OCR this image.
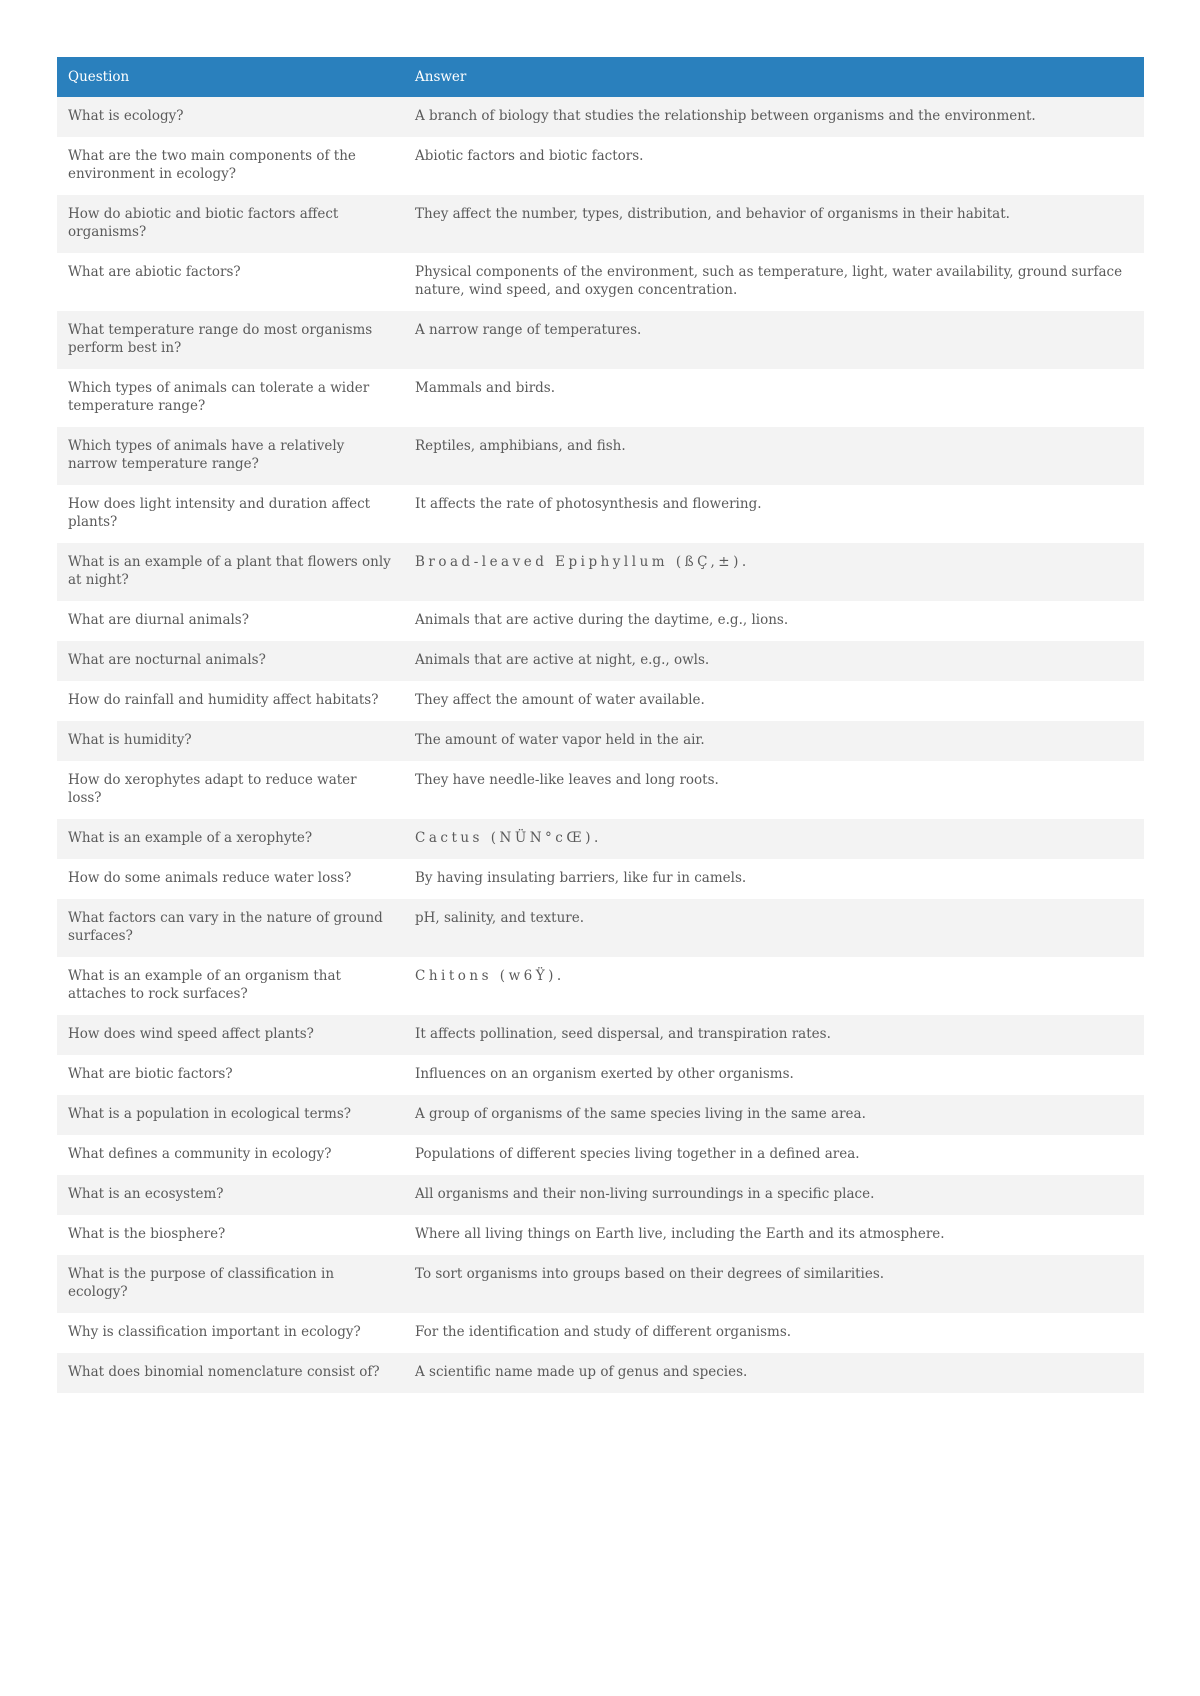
Question	Answer
What is ecology?	A branch of biology that studies the relationship between organisms and the environment.
What are the two main components of the environment in ecology?	Abiotic factors and biotic factors.
How do abiotic and biotic factors affect organisms?	They affect the number, types, distribution, and behavior of organisms in their habitat.
What are abiotic factors?	Physical components of the environment, such as temperature, light, water availability, ground surface nature, wind speed, and oxygen concentration.
What temperature range do most organisms perform best in?	A narrow range of temperatures.
Which types of animals can tolerate a wider temperature range?	Mammals and birds.
Which types of animals have a relatively narrow temperature range?	Reptiles, amphibians, and fish.
How does light intensity and duration affect plants?	It affects the rate of photosynthesis and flowering.
What is an example of a plant that flowers only at night?	Broad-leaved Epiphyllum (ßÇ,±).
What are diurnal animals?	Animals that are active during the daytime, e.g., lions.
What are nocturnal animals?	Animals that are active at night, e.g., owls.
How do rainfall and humidity affect habitats?	They affect the amount of water available.
What is humidity?	The amount of water vapor held in the air.
How do xerophytes adapt to reduce water loss?	They have needle-like leaves and long roots.
What is an example of a xerophyte?	Cactus (NÜN°cŒ).
How do some animals reduce water loss?	By having insulating barriers, like fur in camels.
What factors can vary in the nature of ground surfaces?	pH, salinity, and texture.
What is an example of an organism that attaches to rock surfaces?	Chitons (w6Ÿ).
How does wind speed affect plants?	It affects pollination, seed dispersal, and transpiration rates.
What are biotic factors?	Influences on an organism exerted by other organisms.
What is a population in ecological terms?	A group of organisms of the same species living in the same area.
What defines a community in ecology?	Populations of different species living together in a defined area.
What is an ecosystem?	All organisms and their non-living surroundings in a specific place.
What is the biosphere?	Where all living things on Earth live, including the Earth and its atmosphere.
What is the purpose of classification in ecology?	To sort organisms into groups based on their degrees of similarities.
Why is classification important in ecology?	For the identification and study of different organisms.
What does binomial nomenclature consist of?	A scientific name made up of genus and species.
